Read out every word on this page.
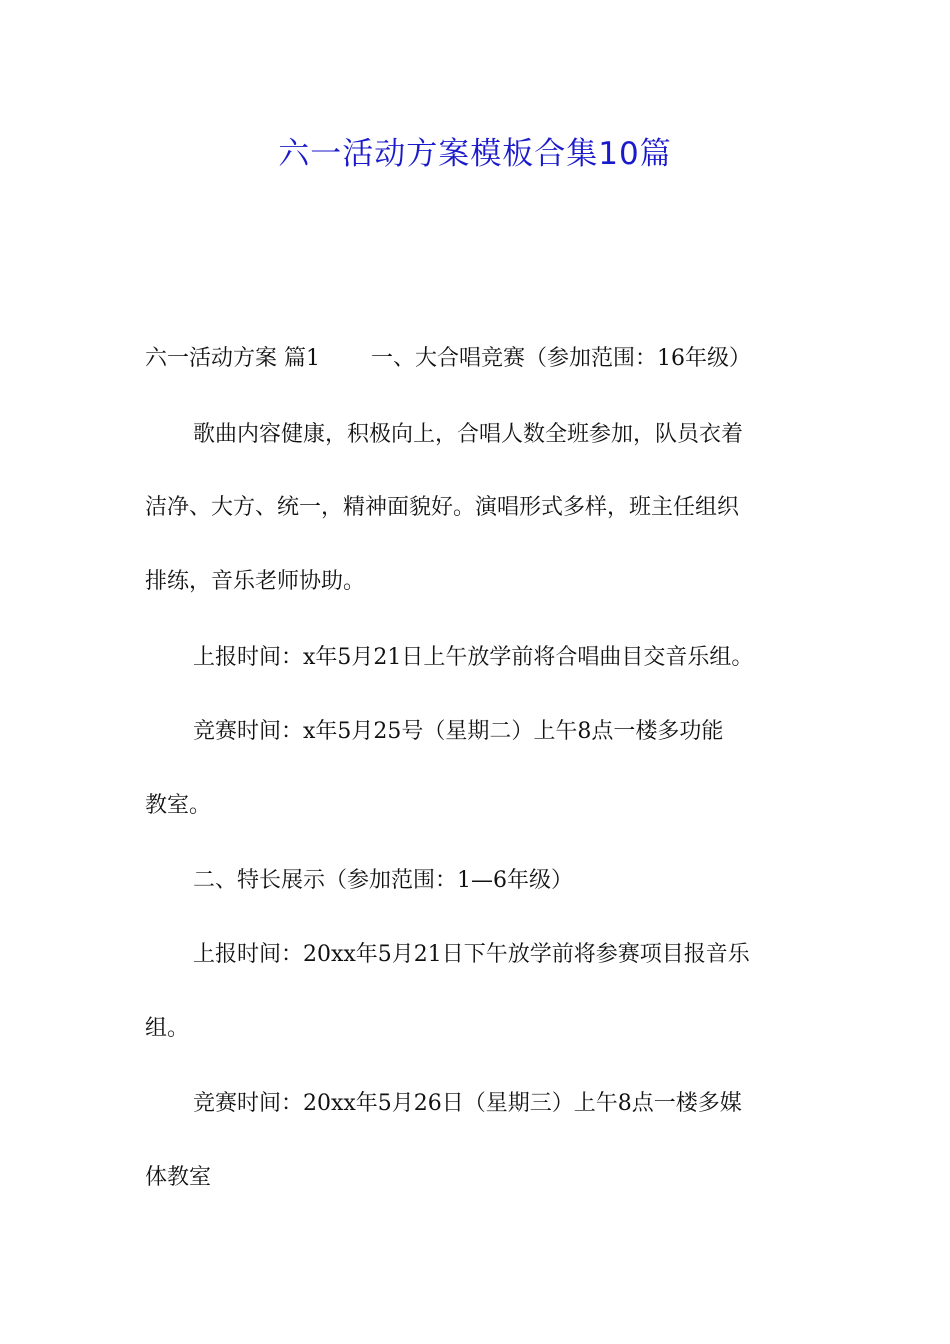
六一活动方案模板合集10篇

六一活动方案 篇1　　 一、大合唱竞赛（参加范围：16年级）

歌曲内容健康，积极向上，合唱人数全班参加，队员衣着

洁净、大方、统一，精神面貌好。演唱形式多样，班主任组织

排练，音乐老师协助。

上报时间：x年5月21日上午放学前将合唱曲目交音乐组。

竞赛时间：x年5月25号（星期二）上午8点一楼多功能

教室。

二、特长展示（参加范围：1—6年级）

上报时间：20xx年5月21日下午放学前将参赛项目报音乐

组。

竞赛时间：20xx年5月26日（星期三）上午8点一楼多媒

体教室
